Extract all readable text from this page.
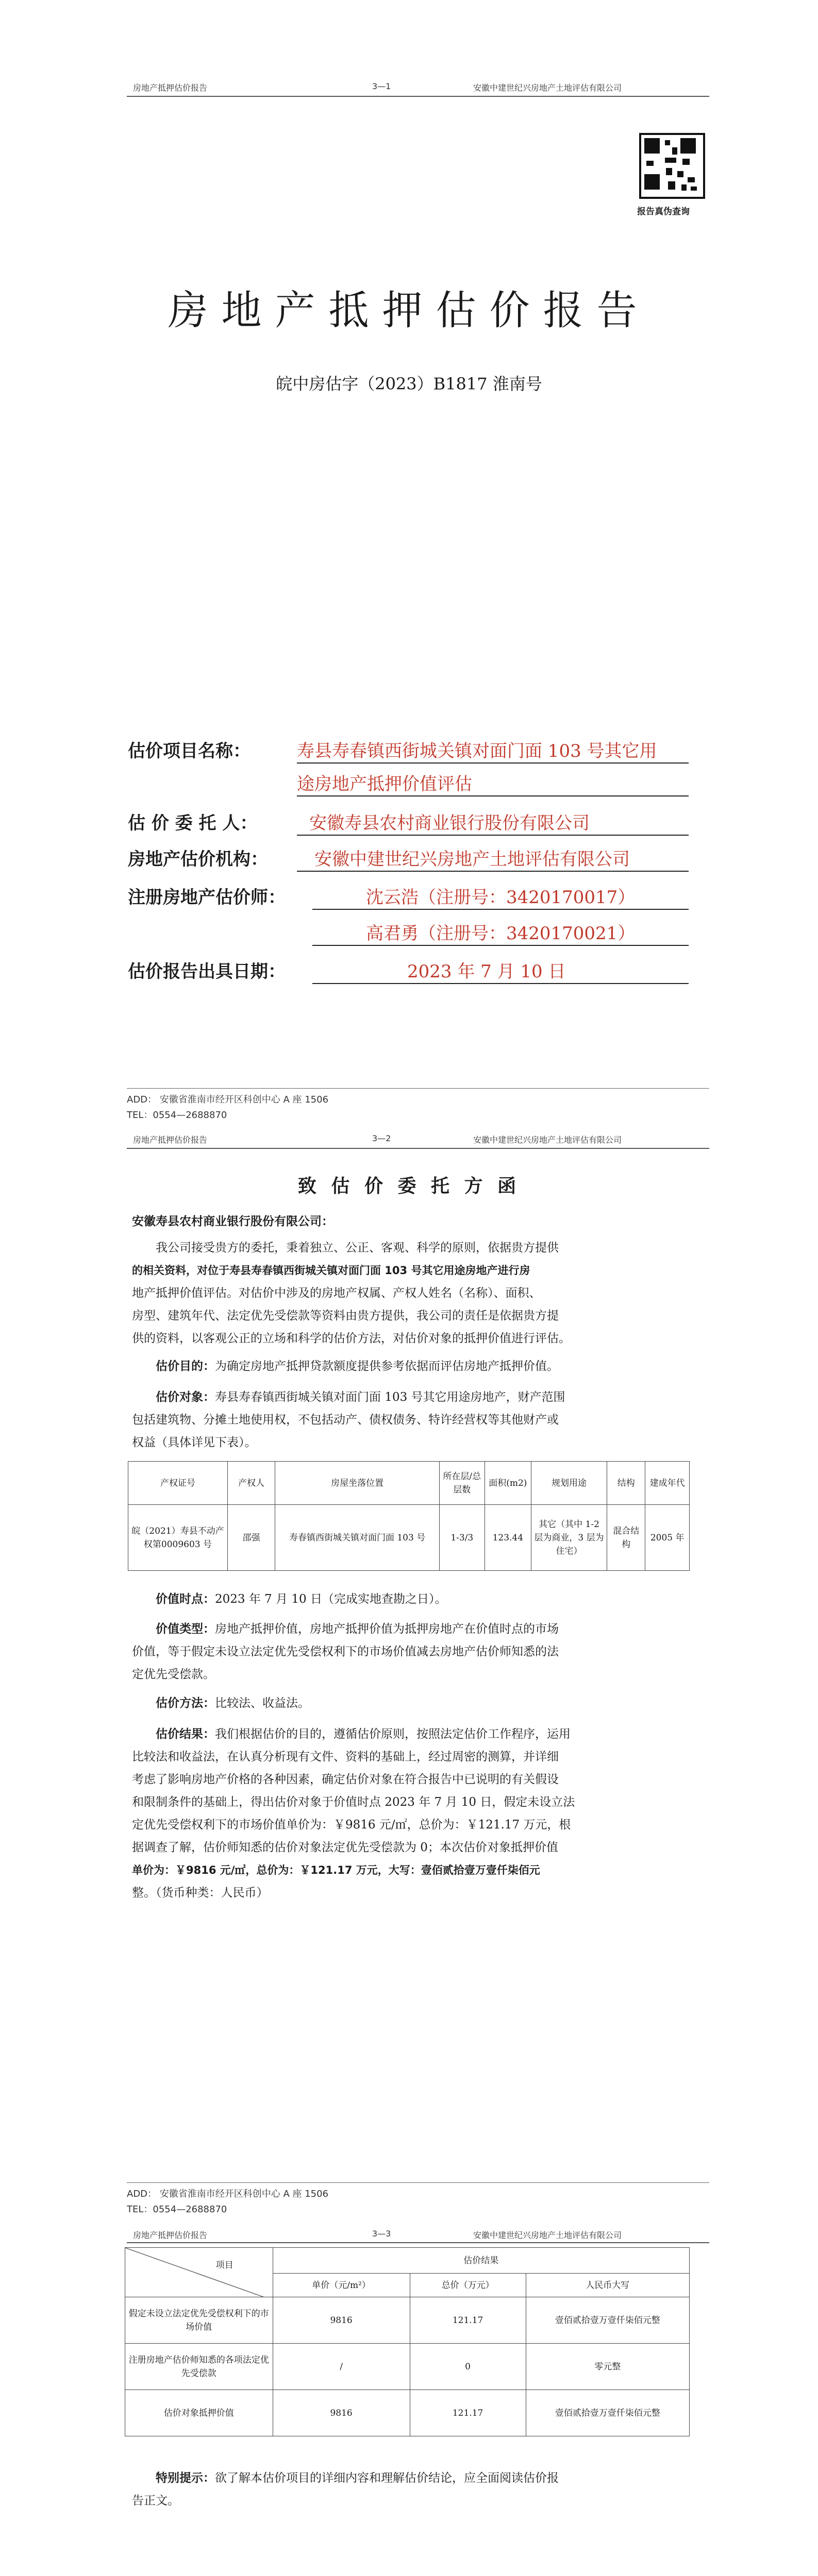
房地产抵押估价报告	3—1	安徽中建世纪兴房地产土地评估有限公司
报告真伪查询
房地产抵押估价报告
皖中房估字（2023）B1817 淮南号
估价项目名称：	寿县寿春镇西街城关镇对面门面 103 号其它用
途房地产抵押价值评估
估 价 委 托 人：	安徽寿县农村商业银行股份有限公司
房地产估价机构：	安徽中建世纪兴房地产土地评估有限公司
注册房地产估价师：	沈云浩（注册号：3420170017）
高君勇（注册号：3420170021）
估价报告出具日期：	2023 年 7 月 10 日
ADD： 安徽省淮南市经开区科创中心 A 座 1506
TEL：0554—2688870
房地产抵押估价报告	3—2	安徽中建世纪兴房地产土地评估有限公司
致 估 价 委 托 方 函
安徽寿县农村商业银行股份有限公司：
我公司接受贵方的委托，秉着独立、公正、客观、科学的原则，依据贵方提供
的相关资料，对位于寿县寿春镇西街城关镇对面门面 103 号其它用途房地产进行房
地产抵押价值评估。对估价中涉及的房地产权属、产权人姓名（名称）、面积、
房型、建筑年代、法定优先受偿款等资料由贵方提供，我公司的责任是依据贵方提
供的资料，以客观公正的立场和科学的估价方法，对估价对象的抵押价值进行评估。
估价目的：为确定房地产抵押贷款额度提供参考依据而评估房地产抵押价值。
估价对象：寿县寿春镇西街城关镇对面门面 103 号其它用途房地产，财产范围
包括建筑物、分摊土地使用权，不包括动产、债权债务、特许经营权等其他财产或
权益（具体详见下表）。
产权证号	产权人	房屋坐落位置	所在层/总层数	面积(m2)	规划用途	结构	建成年代
皖（2021）寿县不动产权第0009603 号	邵强	寿春镇西街城关镇对面门面 103 号	1-3/3	123.44	其它（其中 1-2 层为商业，3 层为住宅）	混合结构	2005 年
价值时点：2023 年 7 月 10 日（完成实地查勘之日）。
价值类型：房地产抵押价值，房地产抵押价值为抵押房地产在价值时点的市场
价值，等于假定未设立法定优先受偿权利下的市场价值减去房地产估价师知悉的法
定优先受偿款。
估价方法：比较法、收益法。
估价结果：我们根据估价的目的，遵循估价原则，按照法定估价工作程序，运用
比较法和收益法，在认真分析现有文件、资料的基础上，经过周密的测算，并详细
考虑了影响房地产价格的各种因素，确定估价对象在符合报告中已说明的有关假设
和限制条件的基础上，得出估价对象于价值时点 2023 年 7 月 10 日，假定未设立法
定优先受偿权利下的市场价值单价为：￥9816 元/㎡，总价为：￥121.17 万元，根
据调查了解，估价师知悉的估价对象法定优先受偿款为 0；本次估价对象抵押价值
单价为：￥9816 元/㎡，总价为：￥121.17 万元，大写：壹佰贰拾壹万壹仟柒佰元
整。（货币种类：人民币）
ADD： 安徽省淮南市经开区科创中心 A 座 1506
TEL：0554—2688870
房地产抵押估价报告	3—3	安徽中建世纪兴房地产土地评估有限公司
项目	估价结果		
	单价（元/m²）	总价（万元）	人民币大写
假定未设立法定优先受偿权利下的市场价值	9816	121.17	壹佰贰拾壹万壹仟柒佰元整
注册房地产估价师知悉的各项法定优先受偿款	/	0	零元整
估价对象抵押价值	9816	121.17	壹佰贰拾壹万壹仟柒佰元整
特别提示：欲了解本估价项目的详细内容和理解估价结论，应全面阅读估价报
告正文。
